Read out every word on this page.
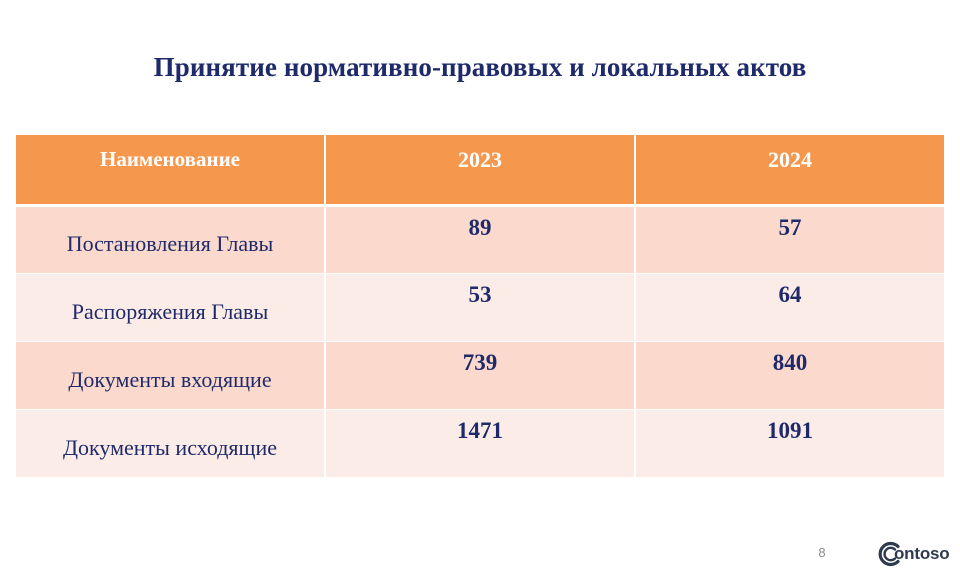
Принятие нормативно-правовых и локальных актов
Наименование	2023	2024
Постановления Главы	89	57
Распоряжения Главы	53	64
Документы входящие	739	840
Документы исходящие	1471	1091
8	ontoso
